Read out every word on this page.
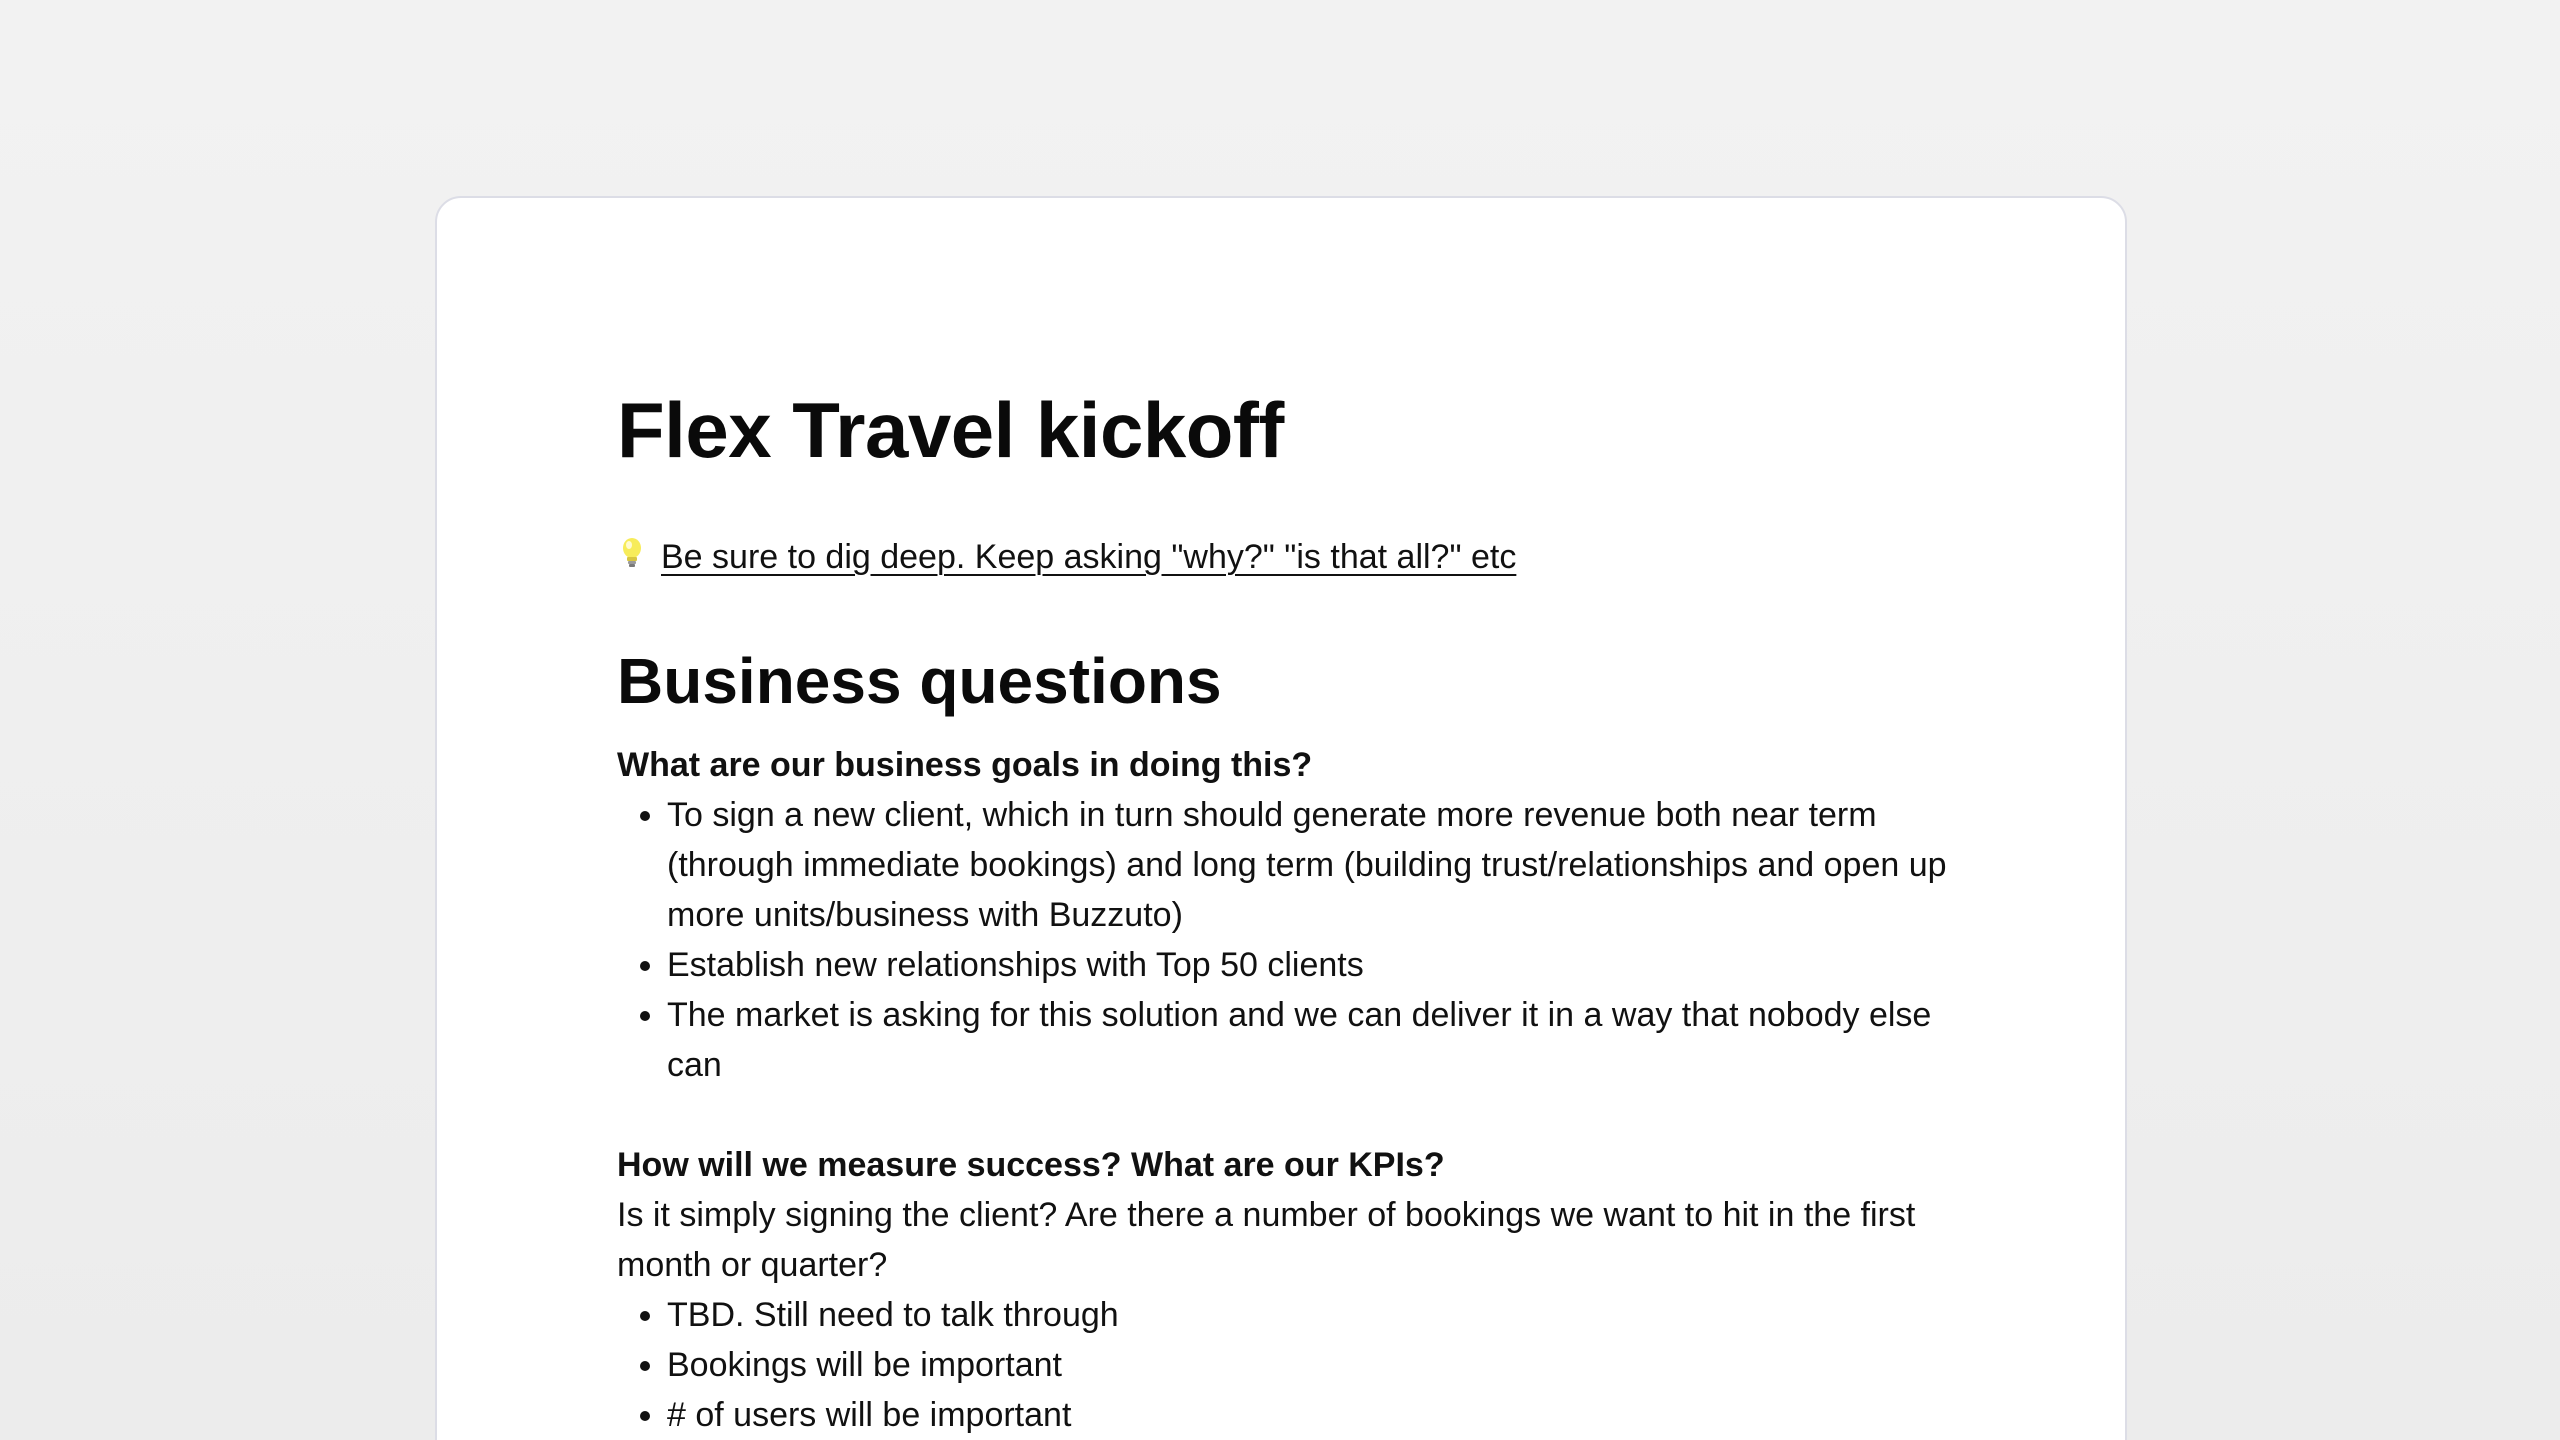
Flex Travel kickoff
Be sure to dig deep. Keep asking "why?" "is that all?" etc
Business questions

What are our business goals in doing this?

• To sign a new client, which in turn should generate more revenue both near term (through immediate bookings) and long term (building trust/relationships and open up more units/business with Buzzuto)
• Establish new relationships with Top 50 clients
• The market is asking for this solution and we can deliver it in a way that nobody else can

How will we measure success? What are our KPIs?

Is it simply signing the client? Are there a number of bookings we want to hit in the first month or quarter?

• TBD. Still need to talk through
• Bookings will be important
• # of users will be important
